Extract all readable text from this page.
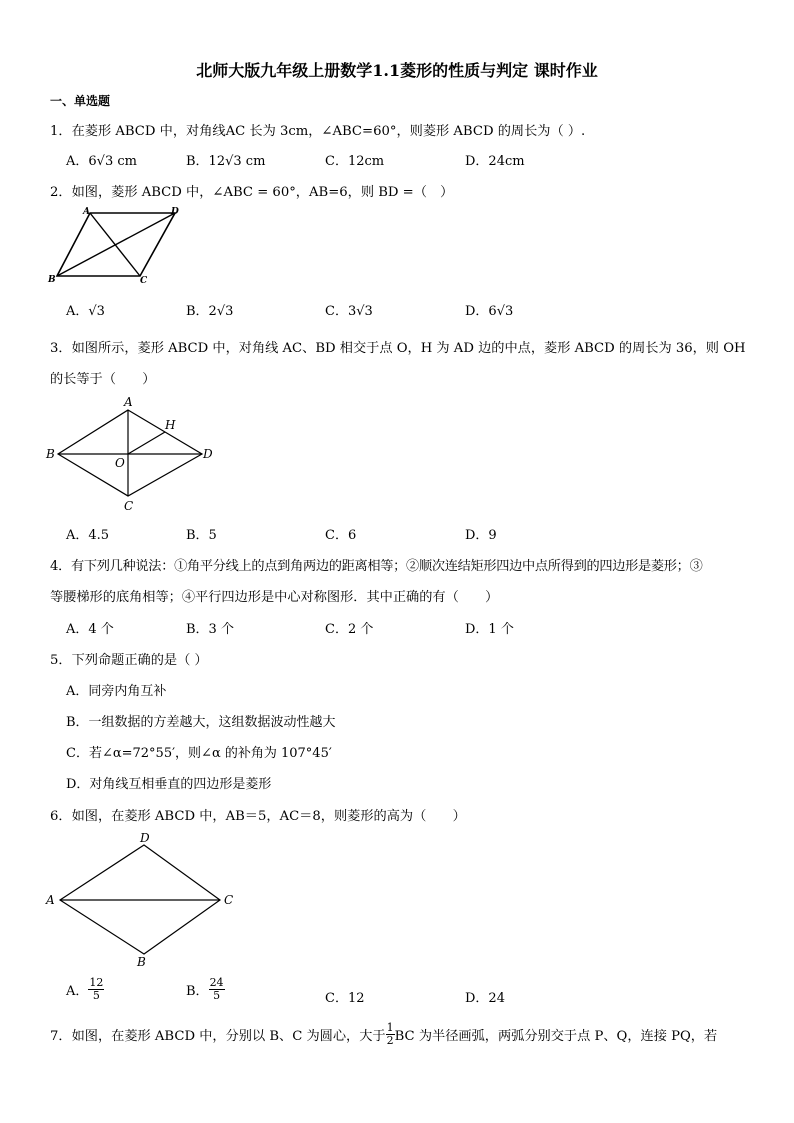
北师大版九年级上册数学1.1菱形的性质与判定 课时作业
一、单选题
1．在菱形 ABCD 中，对角线AC 长为 3cm，∠ABC=60°，则菱形 ABCD 的周长为（ ）.
A．6√3 cm	B．12√3 cm	C．12cm	D．24cm
2．如图，菱形 ABCD 中，∠ABC = 60°，AB=6，则 BD =（　）
A	D
B	C
A．√3	B．2√3	C．3√3	D．6√3
3．如图所示，菱形 ABCD 中，对角线 AC、BD 相交于点 O，H 为 AD 边的中点，菱形 ABCD 的周长为 36，则 OH
的长等于（　　）
A
H
B
O
D
C
A．4.5	B．5	C．6	D．9
4．有下列几种说法：①角平分线上的点到角两边的距离相等；②顺次连结矩形四边中点所得到的四边形是菱形；③
等腰梯形的底角相等；④平行四边形是中心对称图形．其中正确的有（　　）
A．4 个	B．3 个	C．2 个	D．1 个
5．下列命题正确的是（ ）
A．同旁内角互补
B．一组数据的方差越大，这组数据波动性越大
C．若∠α=72°55′，则∠α 的补角为 107°45′
D．对角线互相垂直的四边形是菱形
6．如图，在菱形 ABCD 中，AB＝5，AC＝8，则菱形的高为（　　）
D
A	C
B
A． $\frac{12}{5}$	B． $\frac{24}{5}$	C．12	D．24
7．如图，在菱形 ABCD 中，分别以 B、C 为圆心，大于 $\frac{1}{2}$ BC 为半径画弧，两弧分别交于点 P、Q，连接 PQ，若
